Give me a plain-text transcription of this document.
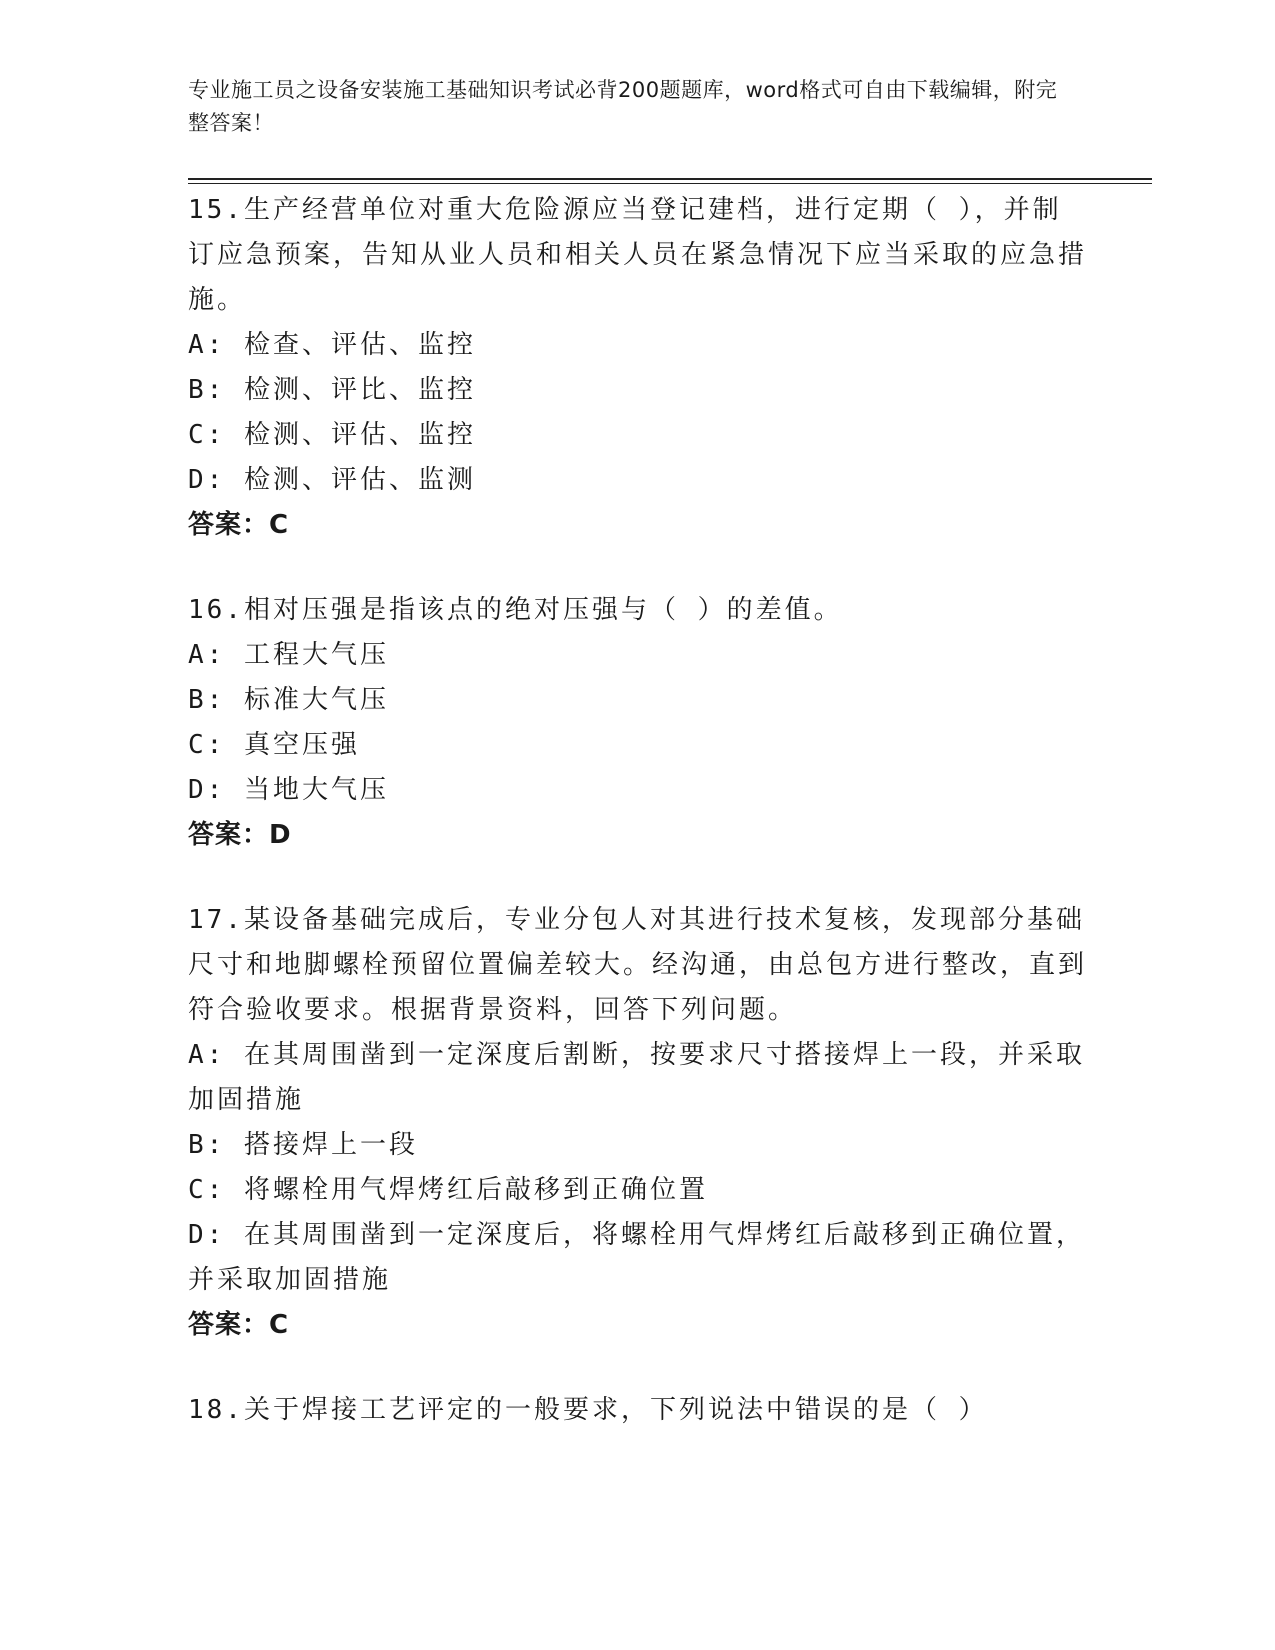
专业施工员之设备安装施工基础知识考试必背200题题库，word格式可自由下载编辑，附完整答案！

15.生产经营单位对重大危险源应当登记建档，进行定期（ ），并制订应急预案，告知从业人员和相关人员在紧急情况下应当采取的应急措施。

A: 检查、评估、监控
B: 检测、评比、监控
C: 检测、评估、监控
D: 检测、评估、监测
答案：C

16.相对压强是指该点的绝对压强与（ ）的差值。

A: 工程大气压
B: 标准大气压
C: 真空压强
D: 当地大气压
答案：D

17.某设备基础完成后，专业分包人对其进行技术复核，发现部分基础尺寸和地脚螺栓预留位置偏差较大。经沟通，由总包方进行整改，直到符合验收要求。根据背景资料，回答下列问题。

A: 在其周围凿到一定深度后割断，按要求尺寸搭接焊上一段，并采取加固措施
B: 搭接焊上一段
C: 将螺栓用气焊烤红后敲移到正确位置
D: 在其周围凿到一定深度后，将螺栓用气焊烤红后敲移到正确位置，并采取加固措施
答案：C

18.关于焊接工艺评定的一般要求，下列说法中错误的是（ ）
